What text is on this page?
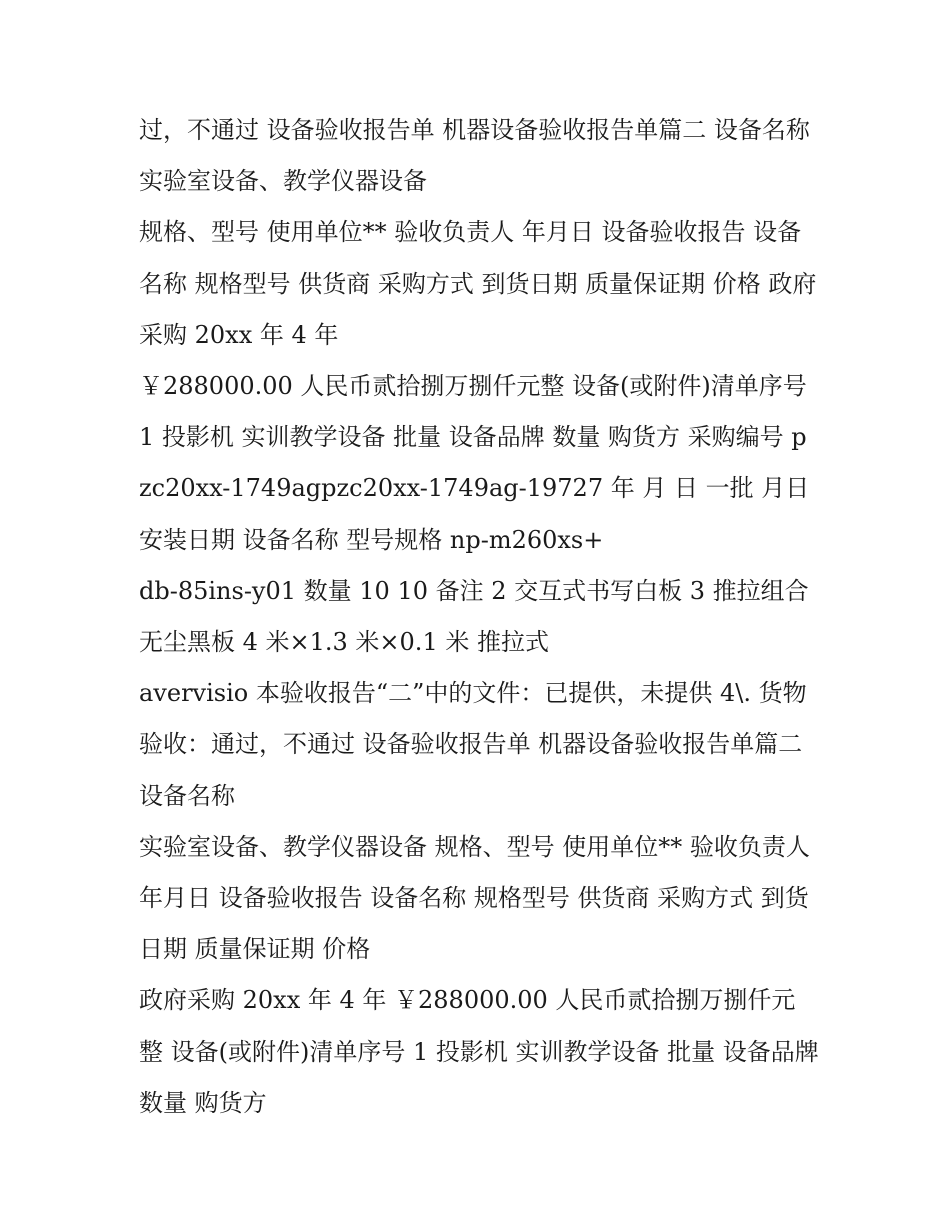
过，不通过 设备验收报告单 机器设备验收报告单篇二 设备名称 实验室设备、教学仪器设备

规格、型号 使用单位** 验收负责人 年月日 设备验收报告 设备名称 规格型号 供货商 采购方式 到货日期 质量保证期 价格 政府采购 20xx 年 4 年

￥288000.00 人民币贰拾捌万捌仟元整 设备(或附件)清单序号 1 投影机 实训教学设备 批量 设备品牌 数量 购货方 采购编号 pzc20xx-1749agpzc20xx-1749ag-19727 年 月 日 一批 月日 安装日期 设备名称 型号规格 np-m260xs+

db-85ins-y01 数量 10 10 备注 2 交互式书写白板 3 推拉组合 无尘黑板 4 米×1.3 米×0.1 米 推拉式

avervisio 本验收报告“二”中的文件：已提供，未提供 4\. 货物验收：通过，不通过 设备验收报告单 机器设备验收报告单篇二 设备名称

实验室设备、教学仪器设备 规格、型号 使用单位** 验收负责人 年月日 设备验收报告 设备名称 规格型号 供货商 采购方式 到货日期 质量保证期 价格

政府采购 20xx 年 4 年 ￥288000.00 人民币贰拾捌万捌仟元整 设备(或附件)清单序号 1 投影机 实训教学设备 批量 设备品牌 数量 购货方
